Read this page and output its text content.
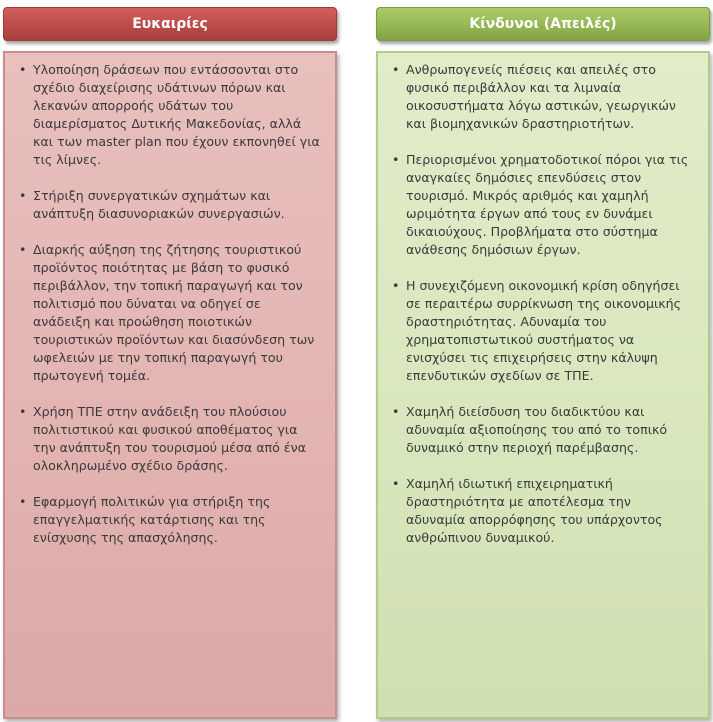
Ευκαιρίες
• Υλοποίηση δράσεων που εντάσσονται στο σχέδιο διαχείρισης υδάτινων πόρων και λεκανών απορροής υδάτων του διαμερίσματος Δυτικής Μακεδονίας, αλλά και των master plan που έχουν εκπονηθεί για τις λίμνες.
• Στήριξη συνεργατικών σχημάτων και ανάπτυξη διασυνοριακών συνεργασιών.
• Διαρκής αύξηση της ζήτησης τουριστικού προϊόντος ποιότητας με βάση το φυσικό περιβάλλον, την τοπική παραγωγή και τον πολιτισμό που δύναται να οδηγεί σε ανάδειξη και προώθηση ποιοτικών τουριστικών προϊόντων και διασύνδεση των ωφελειών με την τοπική παραγωγή του πρωτογενή τομέα.
• Χρήση ΤΠΕ στην ανάδειξη του πλούσιου πολιτιστικού και φυσικού αποθέματος για την ανάπτυξη του τουρισμού μέσα από ένα ολοκληρωμένο σχέδιο δράσης.
• Εφαρμογή πολιτικών για στήριξη της επαγγελματικής κατάρτισης και της ενίσχυσης της απασχόλησης.
Κίνδυνοι (Απειλές)
• Ανθρωπογενείς πιέσεις και απειλές στο φυσικό περιβάλλον και τα λιμναία οικοσυστήματα λόγω αστικών, γεωργικών και βιομηχανικών δραστηριοτήτων.
• Περιορισμένοι χρηματοδοτικοί πόροι για τις αναγκαίες δημόσιες επενδύσεις στον τουρισμό. Μικρός αριθμός και χαμηλή ωριμότητα έργων από τους εν δυνάμει δικαιούχους. Προβλήματα στο σύστημα ανάθεσης δημόσιων έργων.
• Η συνεχιζόμενη οικονομική κρίση οδηγήσει σε περαιτέρω συρρίκνωση της οικονομικής δραστηριότητας. Αδυναμία του χρηματοπιστωτικού συστήματος να ενισχύσει τις επιχειρήσεις στην κάλυψη επενδυτικών σχεδίων σε ΤΠΕ.
• Χαμηλή διείσδυση του διαδικτύου και αδυναμία αξιοποίησης του από το τοπικό δυναμικό στην περιοχή παρέμβασης.
• Χαμηλή ιδιωτική επιχειρηματική δραστηριότητα με αποτέλεσμα την αδυναμία απορρόφησης του υπάρχοντος ανθρώπινου δυναμικού.
